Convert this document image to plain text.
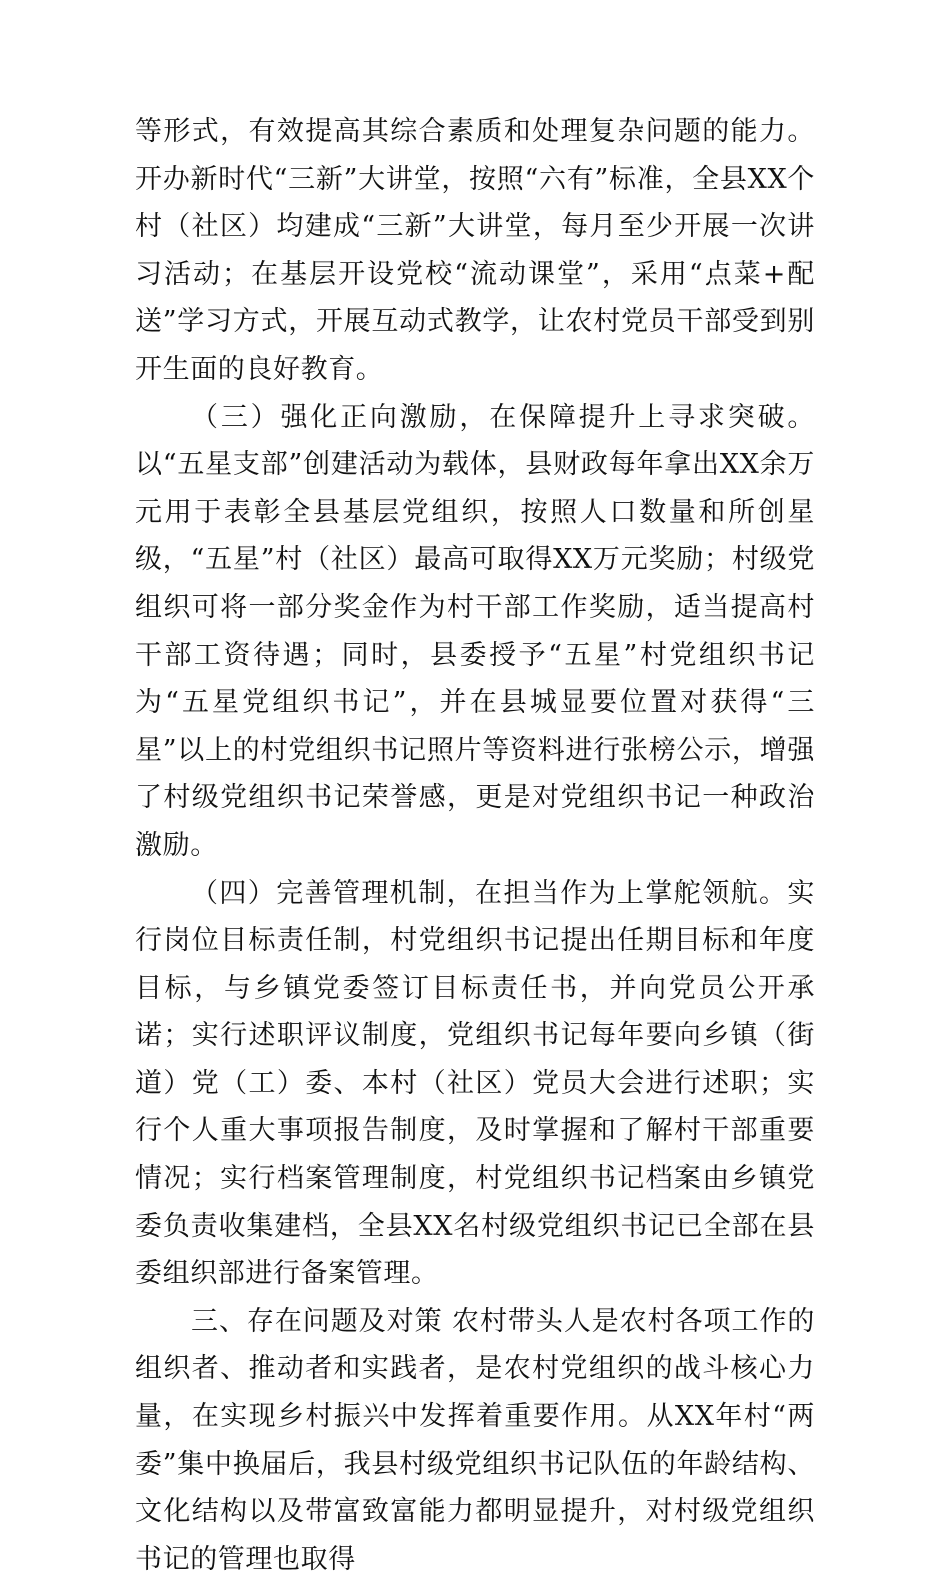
等形式，有效提高其综合素质和处理复杂问题的能力。开办新时代“三新”大讲堂，按照“六有”标准，全县XX个村（社区）均建成“三新”大讲堂，每月至少开展一次讲习活动；在基层开设党校“流动课堂”，采用“点菜+配送”学习方式，开展互动式教学，让农村党员干部受到别开生面的良好教育。

（三）强化正向激励，在保障提升上寻求突破。以“五星支部”创建活动为载体，县财政每年拿出XX余万元用于表彰全县基层党组织，按照人口数量和所创星级，“五星”村（社区）最高可取得XX万元奖励；村级党组织可将一部分奖金作为村干部工作奖励，适当提高村干部工资待遇；同时，县委授予“五星”村党组织书记为“五星党组织书记”，并在县城显要位置对获得“三星”以上的村党组织书记照片等资料进行张榜公示，增强了村级党组织书记荣誉感，更是对党组织书记一种政治激励。

（四）完善管理机制，在担当作为上掌舵领航。实行岗位目标责任制，村党组织书记提出任期目标和年度目标，与乡镇党委签订目标责任书，并向党员公开承诺；实行述职评议制度，党组织书记每年要向乡镇（街道）党（工）委、本村（社区）党员大会进行述职；实行个人重大事项报告制度，及时掌握和了解村干部重要情况；实行档案管理制度，村党组织书记档案由乡镇党委负责收集建档，全县XX名村级党组织书记已全部在县委组织部进行备案管理。

三、存在问题及对策 农村带头人是农村各项工作的组织者、推动者和实践者，是农村党组织的战斗核心力量，在实现乡村振兴中发挥着重要作用。从XX年村“两委”集中换届后，我县村级党组织书记队伍的年龄结构、文化结构以及带富致富能力都明显提升，对村级党组织书记的管理也取得
